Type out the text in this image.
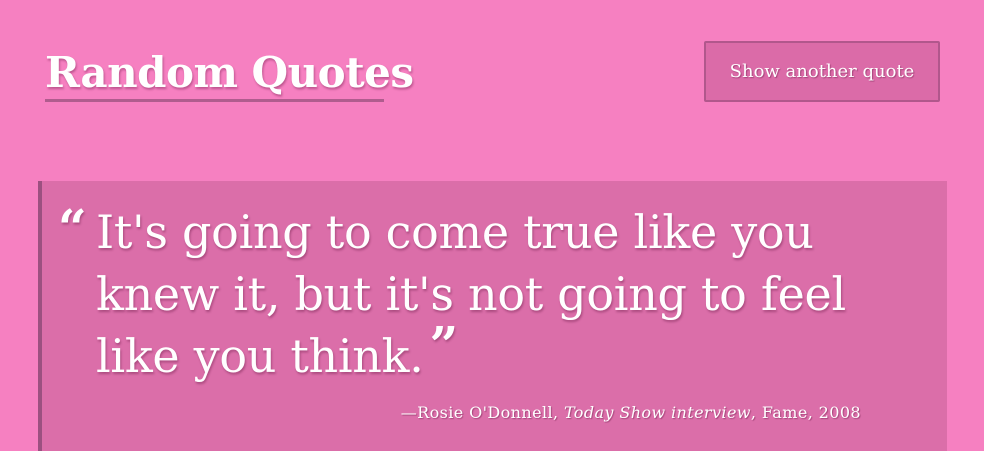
Random Quotes	Show another quote
“ It's going to come true like you knew it, but it's not going to feel like you think. ”

—Rosie O'Donnell, Today Show interview, Fame, 2008
